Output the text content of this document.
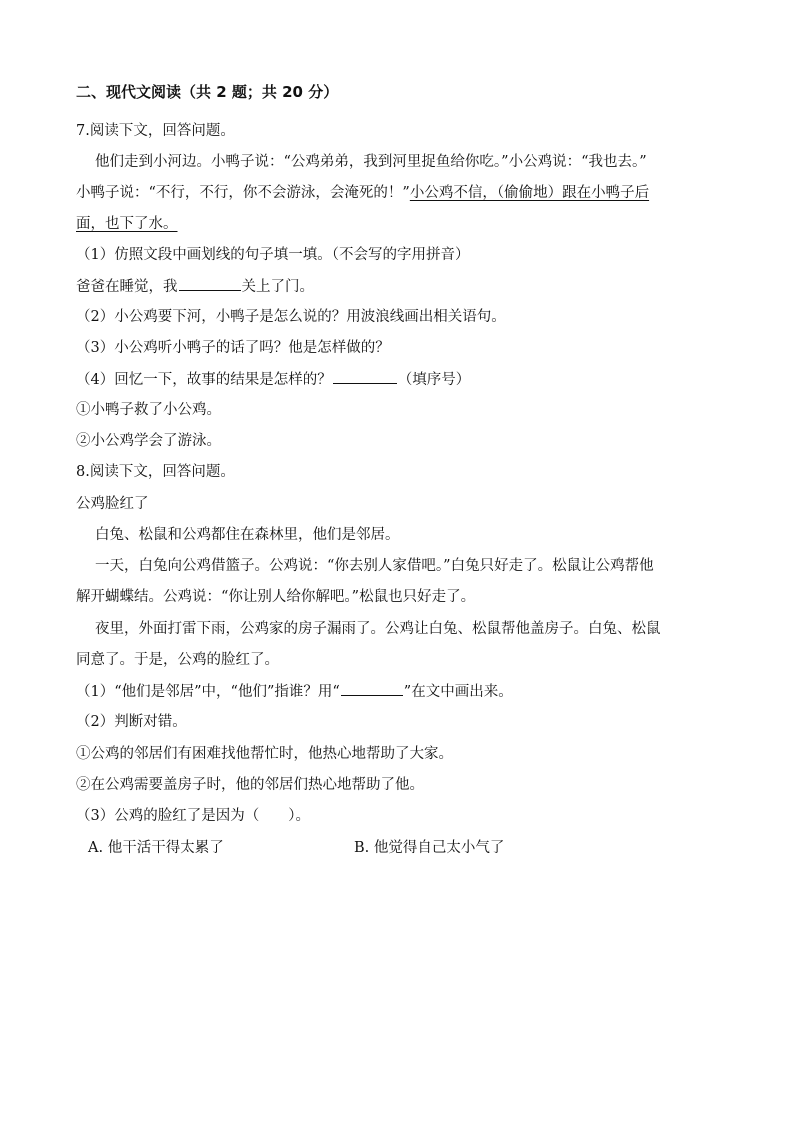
二、现代文阅读（共 2 题；共 20 分）
7.阅读下文，回答问题。
他们走到小河边。小鸭子说：“公鸡弟弟，我到河里捉鱼给你吃。”小公鸡说：“我也去。”
小鸭子说：“不行，不行，你不会游泳，会淹死的！”小公鸡不信，（偷偷地）跟在小鸭子后
面，也下了水。
（1）仿照文段中画划线的句子填一填。（不会写的字用拼音）
爸爸在睡觉，我	关上了门。
（2）小公鸡要下河，小鸭子是怎么说的？用波浪线画出相关语句。
（3）小公鸡听小鸭子的话了吗？他是怎样做的？
（4）回忆一下，故事的结果是怎样的？	（填序号）
①小鸭子救了小公鸡。
②小公鸡学会了游泳。
8.阅读下文，回答问题。
公鸡脸红了
白兔、松鼠和公鸡都住在森林里，他们是邻居。
一天，白兔向公鸡借篮子。公鸡说：“你去别人家借吧。”白兔只好走了。松鼠让公鸡帮他
解开蝴蝶结。公鸡说：“你让别人给你解吧。”松鼠也只好走了。
夜里，外面打雷下雨，公鸡家的房子漏雨了。公鸡让白兔、松鼠帮他盖房子。白兔、松鼠
同意了。于是，公鸡的脸红了。
（1）“他们是邻居”中，“他们”指谁？用“	”在文中画出来。
（2）判断对错。
①公鸡的邻居们有困难找他帮忙时，他热心地帮助了大家。
②在公鸡需要盖房子时，他的邻居们热心地帮助了他。
（3）公鸡的脸红了是因为（　　）。
A. 他干活干得太累了	B. 他觉得自己太小气了
